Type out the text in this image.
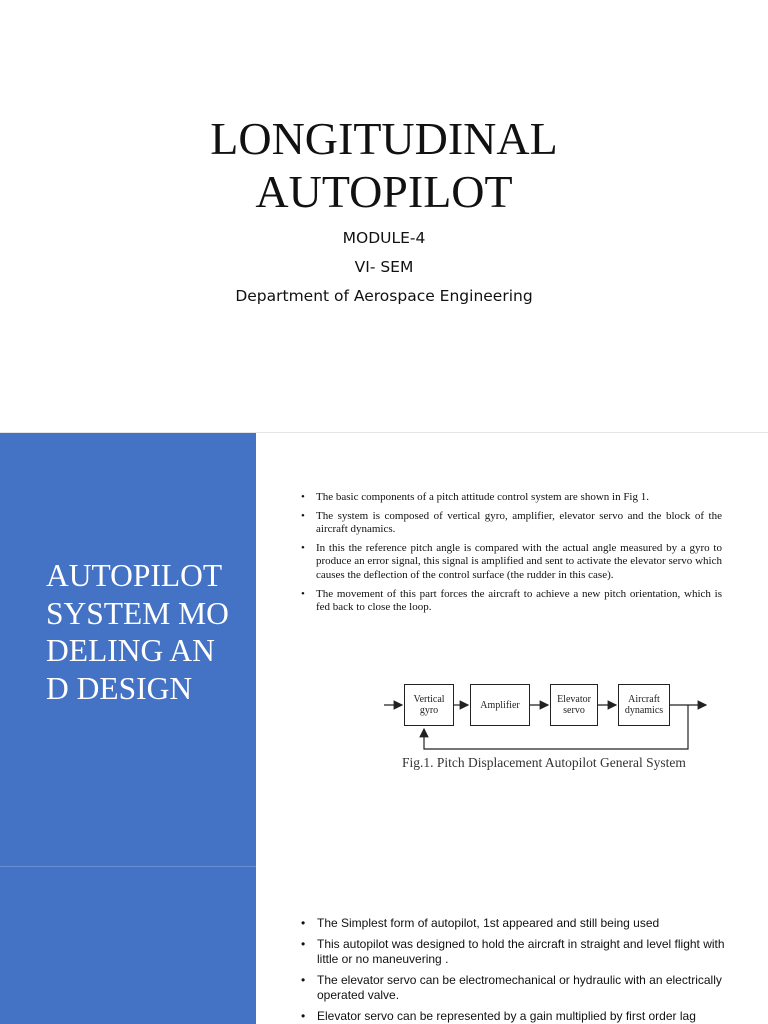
LONGITUDINAL
AUTOPILOT
MODULE-4
VI- SEM
Department of Aerospace Engineering
AUTOPILOT SYSTEM MODELING AND DESIGN
• The basic components of a pitch attitude control system are shown in Fig 1.
• The system is composed of vertical gyro, amplifier, elevator servo and the block of the aircraft dynamics.
• In this the reference pitch angle is compared with the actual angle measured by a gyro to produce an error signal, this signal is amplified and sent to activate the elevator servo which causes the deflection of the control surface (the rudder in this case).
• The movement of this part forces the aircraft to achieve a new pitch orientation, which is fed back to close the loop.
Vertical
gyro	Amplifier	Elevator
servo
Aircraft
dynamics
Fig.1. Pitch Displacement Autopilot General System
• The Simplest form of autopilot, 1st appeared and still being used
• This autopilot was designed to hold the aircraft in straight and level flight with little or no maneuvering .
• The elevator servo can be electromechanical or hydraulic with an electrically operated valve.
• Elevator servo can be represented by a gain multiplied by first order lag
